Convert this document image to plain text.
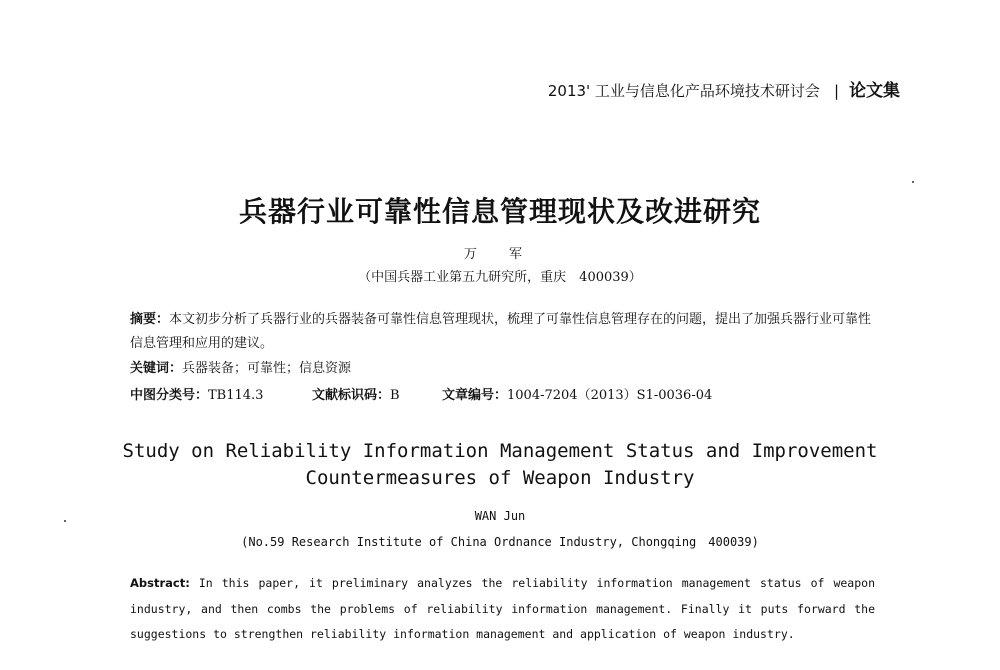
2013' 工业与信息化产品环境技术研讨会 | 论文集
兵器行业可靠性信息管理现状及改进研究
万 军
（中国兵器工业第五九研究所，重庆　400039）
摘要：本文初步分析了兵器行业的兵器装备可靠性信息管理现状，梳理了可靠性信息管理存在的问题，提出了加强兵器行业可靠性信息管理和应用的建议。
关键词：兵器装备；可靠性；信息资源
中图分类号：TB114.3	文献标识码：B	文章编号：1004-7204（2013）S1-0036-04
Study on Reliability Information Management Status and Improvement
Countermeasures of Weapon Industry
WAN Jun
(No.59 Research Institute of China Ordnance Industry, Chongqing　400039)
Abstract: In this paper, it preliminary analyzes the reliability information management status of weapon industry, and then combs the problems of reliability information management. Finally it puts forward the suggestions to strengthen reliability information management and application of weapon industry.
